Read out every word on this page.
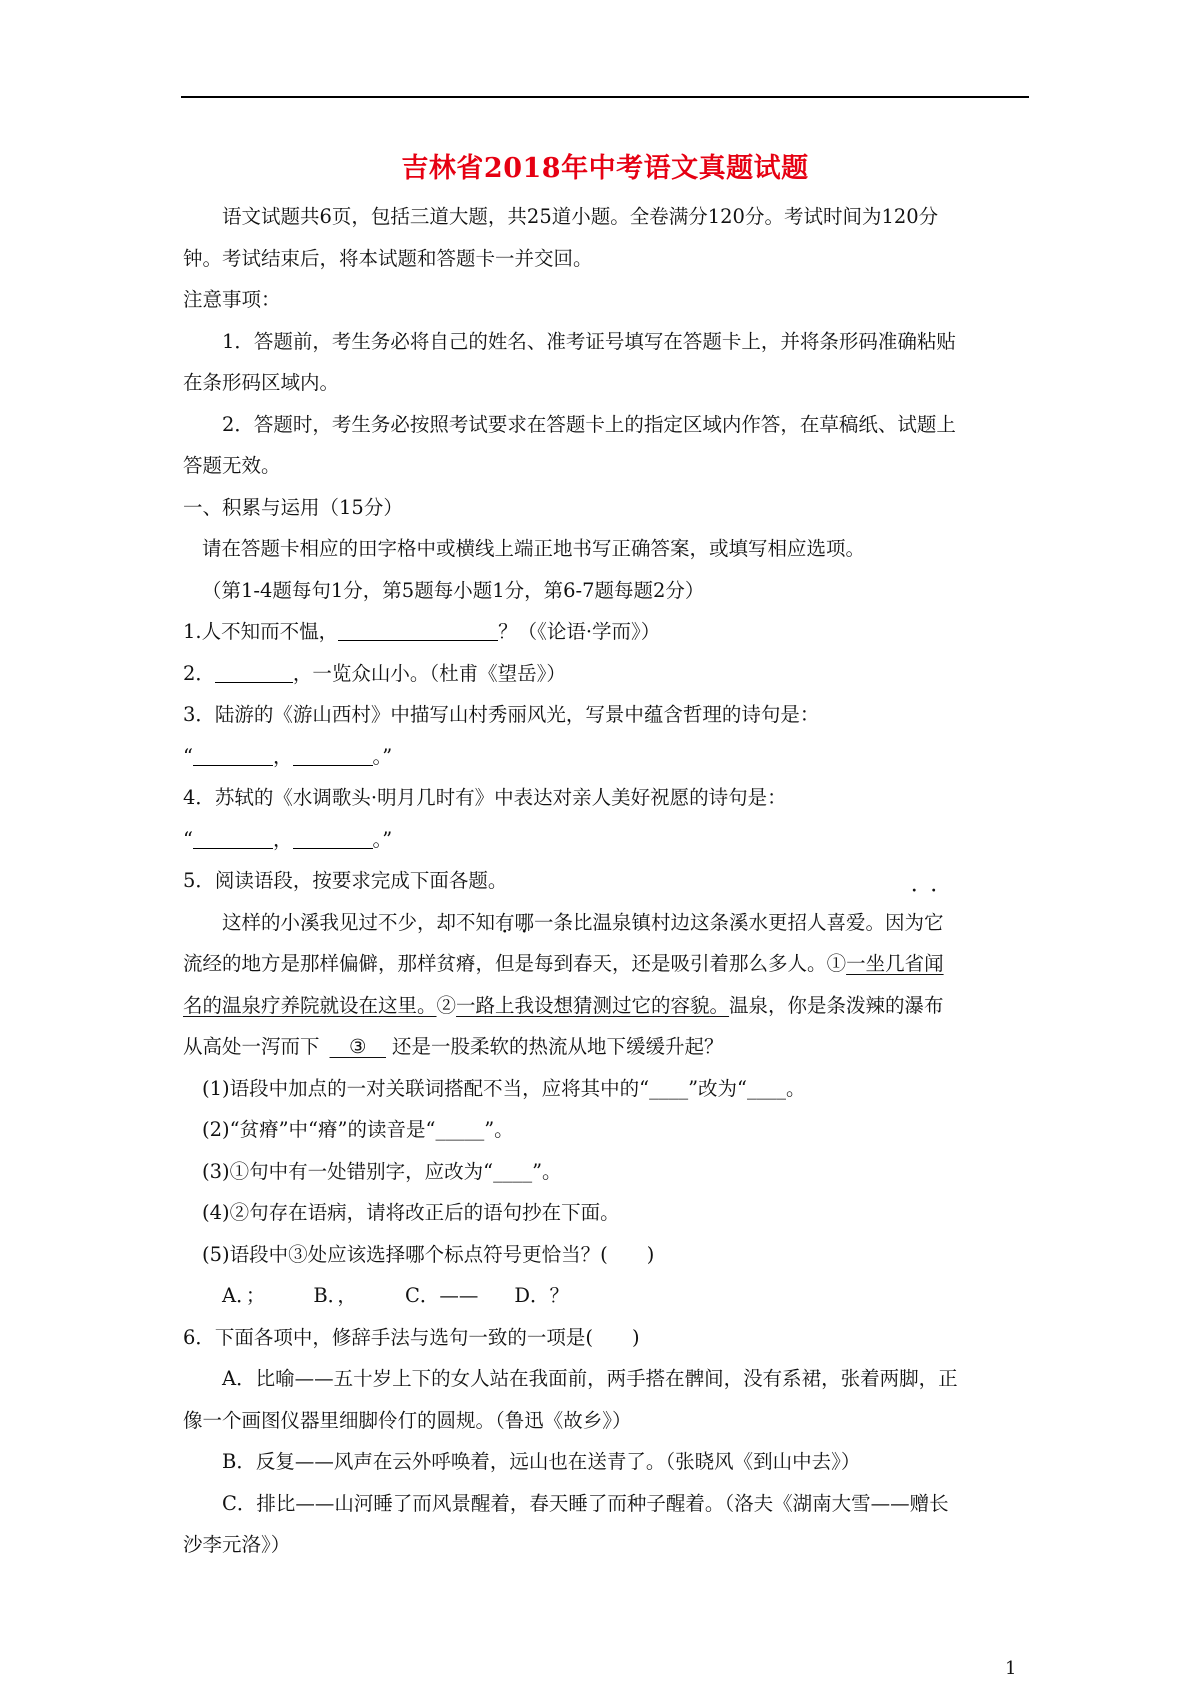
吉林省2018年中考语文真题试题

语文试题共6页，包括三道大题，共25道小题。全卷满分120分。考试时间为120分

钟。考试结束后，将本试题和答题卡一并交回。

注意事项：

1．答题前，考生务必将自己的姓名、准考证号填写在答题卡上，并将条形码准确粘贴

在条形码区域内。

2．答题时，考生务必按照考试要求在答题卡上的指定区域内作答，在草稿纸、试题上

答题无效。

一、积累与运用（15分）

请在答题卡相应的田字格中或横线上端正地书写正确答案，或填写相应选项。

（第1-4题每句1分，第5题每小题1分，第6-7题每题2分）

1.人不知而不愠，	？（《论语·学而》）

2．	，一览众山小。（杜甫《望岳》）

3．陆游的《游山西村》中描写山村秀丽风光，写景中蕴含哲理的诗句是：

“	，	。”

4．苏轼的《水调歌头·明月几时有》中表达对亲人美好祝愿的诗句是：

“	，	。”

5．阅读语段，按要求完成下面各题。

这样的小溪我见过不少，却不知有哪一条比温泉镇村边这条溪水更招人喜爱。因为它

流经的地方是那样偏僻，那样贫瘠，但是每到春天，还是吸引着那么多人。①一坐几省闻

名的温泉疗养院就设在这里。②一路上我设想猜测过它的容貌。温泉，你是条泼辣的瀑布

从高处一泻而下   ③   还是一股柔软的热流从地下缓缓升起？

(1)语段中加点的一对关联词搭配不当，应将其中的“____”改为“____。

(2)“贫瘠”中“瘠”的读音是“_____”。

(3)①句中有一处错别字，应改为“____”。

(4)②句存在语病，请将改正后的语句抄在下面。

(5)语段中③处应该选择哪个标点符号更恰当？(　　)

A．； B．， C．—— D．？

6．下面各项中，修辞手法与选句一致的一项是(　　)

A．比喻——五十岁上下的女人站在我面前，两手搭在髀间，没有系裙，张着两脚，正

像一个画图仪器里细脚伶仃的圆规。（鲁迅《故乡》）

B．反复——风声在云外呼唤着，远山也在送青了。（张晓风《到山中去》）

C．排比——山河睡了而风景醒着，春天睡了而种子醒着。（洛夫《湖南大雪——赠长

沙李元洛》）

1
